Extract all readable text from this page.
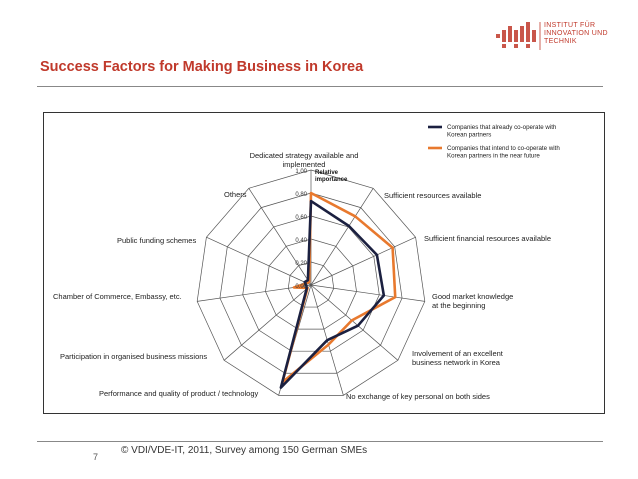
INSTITUT FÜR
INNOVATION UND
TECHNIK
Success Factors for Making Business in Korea
0.00
0.20
0.40
0.60
0.80
1.00 Relative
importance
Dedicated strategy available and
implemented
Sufficient resources available
Sufficient financial resources available
Good market knowledge
at the beginning
Involvement of an excellent
business network in Korea
No exchange of key personal on both sides
Performance and quality of product / technology
Participation in organised business missions
Chamber of Commerce, Embassy, etc.
Public funding schemes
Others
Companies that already co-operate with
Korean partners
Companies that intend to co-operate with
Korean partners in the near future
7
© VDI/VDE-IT, 2011, Survey among 150 German SMEs
